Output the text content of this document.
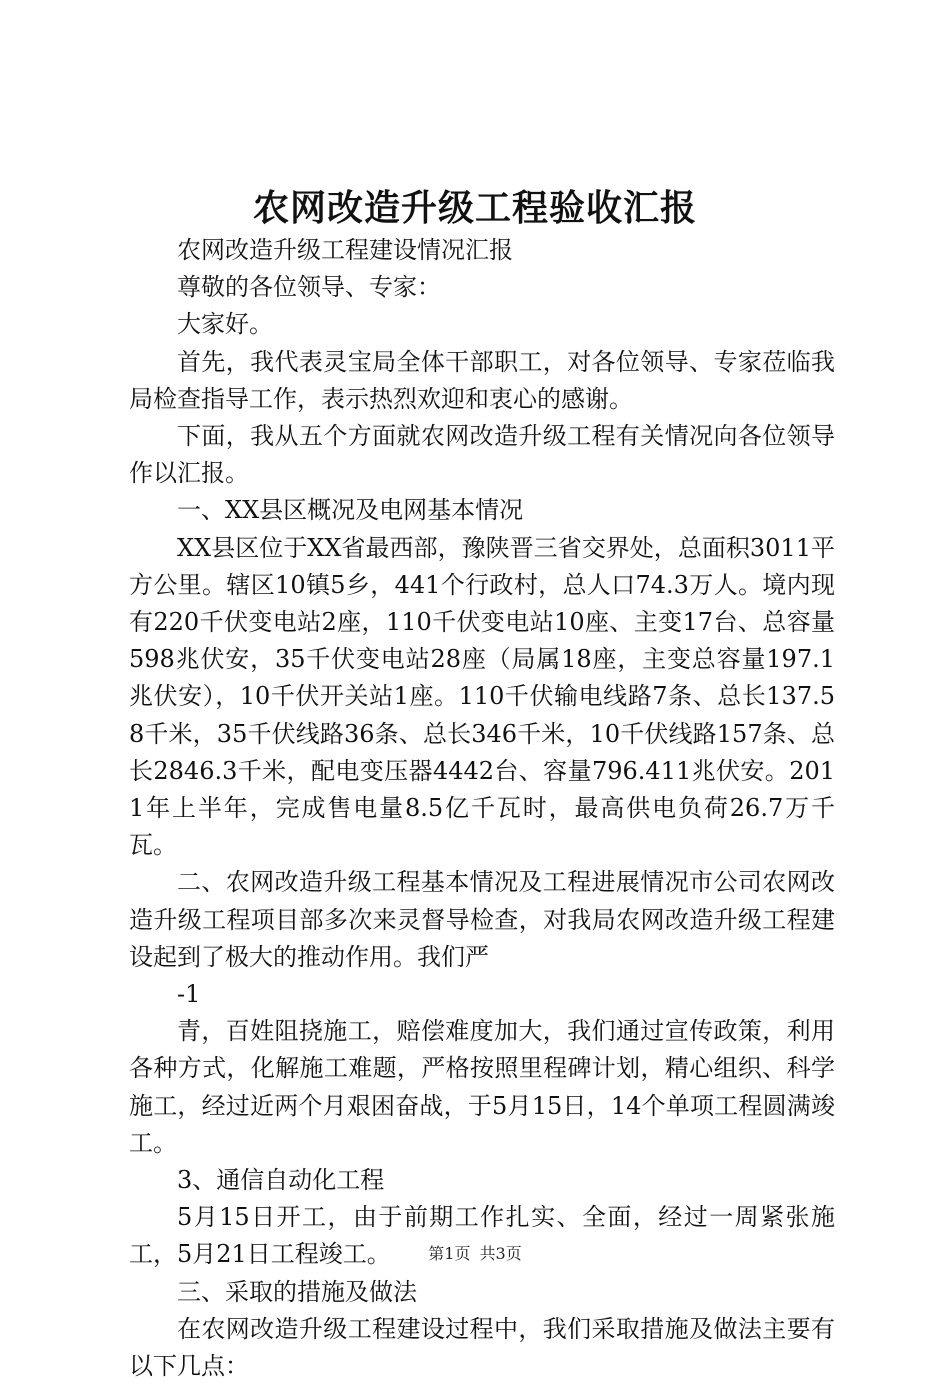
农网改造升级工程验收汇报

农网改造升级工程建设情况汇报

尊敬的各位领导、专家：

大家好。

首先，我代表灵宝局全体干部职工，对各位领导、专家莅临我局检查指导工作，表示热烈欢迎和衷心的感谢。

下面，我从五个方面就农网改造升级工程有关情况向各位领导作以汇报。

一、XX县区概况及电网基本情况

XX县区位于XX省最西部，豫陕晋三省交界处，总面积3011平方公里。辖区10镇5乡，441个行政村，总人口74.3万人。境内现有220千伏变电站2座，110千伏变电站10座、主变17台、总容量598兆伏安，35千伏变电站28座（局属18座，主变总容量197.1兆伏安），10千伏开关站1座。110千伏输电线路7条、总长137.58千米，35千伏线路36条、总长346千米，10千伏线路157条、总长2846.3千米，配电变压器4442台、容量796.411兆伏安。2011年上半年，完成售电量8.5亿千瓦时，最高供电负荷26.7万千瓦。

二、农网改造升级工程基本情况及工程进展情况市公司农网改造升级工程项目部多次来灵督导检查，对我局农网改造升级工程建设起到了极大的推动作用。我们严

-1

青，百姓阻挠施工，赔偿难度加大，我们通过宣传政策，利用各种方式，化解施工难题，严格按照里程碑计划，精心组织、科学施工，经过近两个月艰困奋战，于5月15日，14个单项工程圆满竣工。

3、通信自动化工程

5月15日开工，由于前期工作扎实、全面，经过一周紧张施工，5月21日工程竣工。

三、采取的措施及做法

在农网改造升级工程建设过程中，我们采取措施及做法主要有以下几点：

第1页 共3页
